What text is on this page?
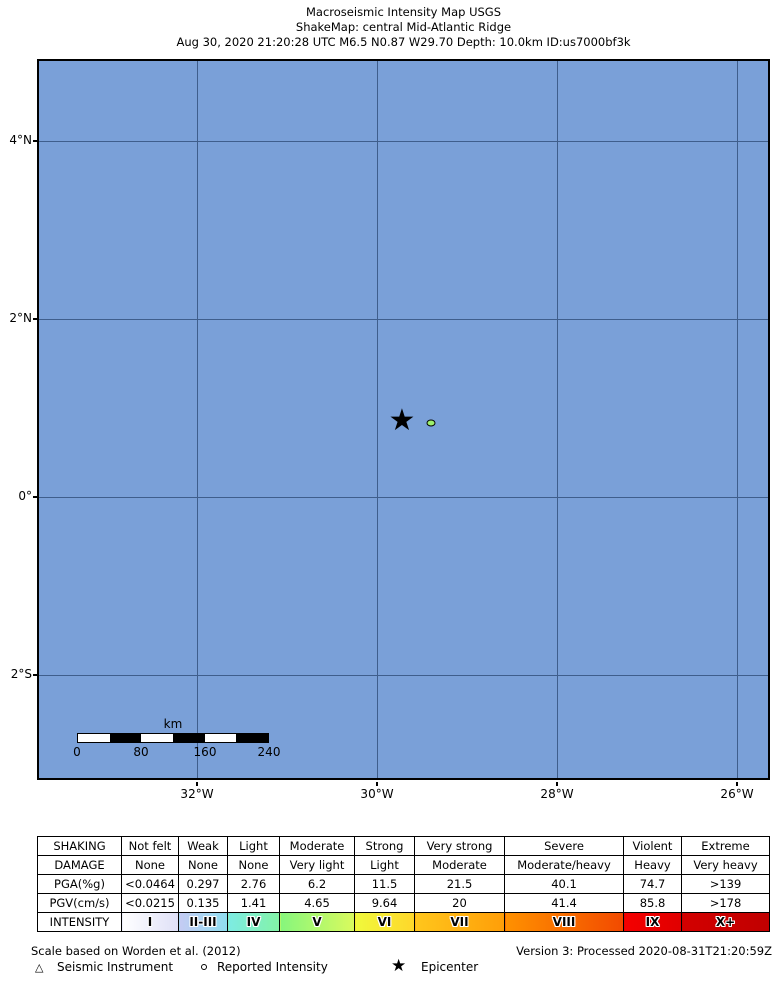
Macroseismic Intensity Map USGS
ShakeMap: central Mid-Atlantic Ridge
Aug 30, 2020 21:20:28 UTC M6.5 N0.87 W29.70 Depth: 10.0km ID:us7000bf3k
★
km
0	80	160	240
32°W	30°W	28°W	26°W
4°N
2°N
0°
2°S
SHAKING	Not felt	Weak	Light	Moderate	Strong	Very strong	Severe	Violent	Extreme
DAMAGE	None	None	None	Very light	Light	Moderate	Moderate/heavy	Heavy	Very heavy
PGA(%g)	<0.0464	0.297	2.76	6.2	11.5	21.5	40.1	74.7	>139
PGV(cm/s)	<0.0215	0.135	1.41	4.65	9.64	20	41.4	85.8	>178
INTENSITY	I	II-III	IV	V	VI	VII	VIII	IX	X+
Scale based on Worden et al. (2012)	Version 3: Processed 2020-08-31T21:20:59Z
△ Seismic Instrument	Reported Intensity	★ Epicenter
